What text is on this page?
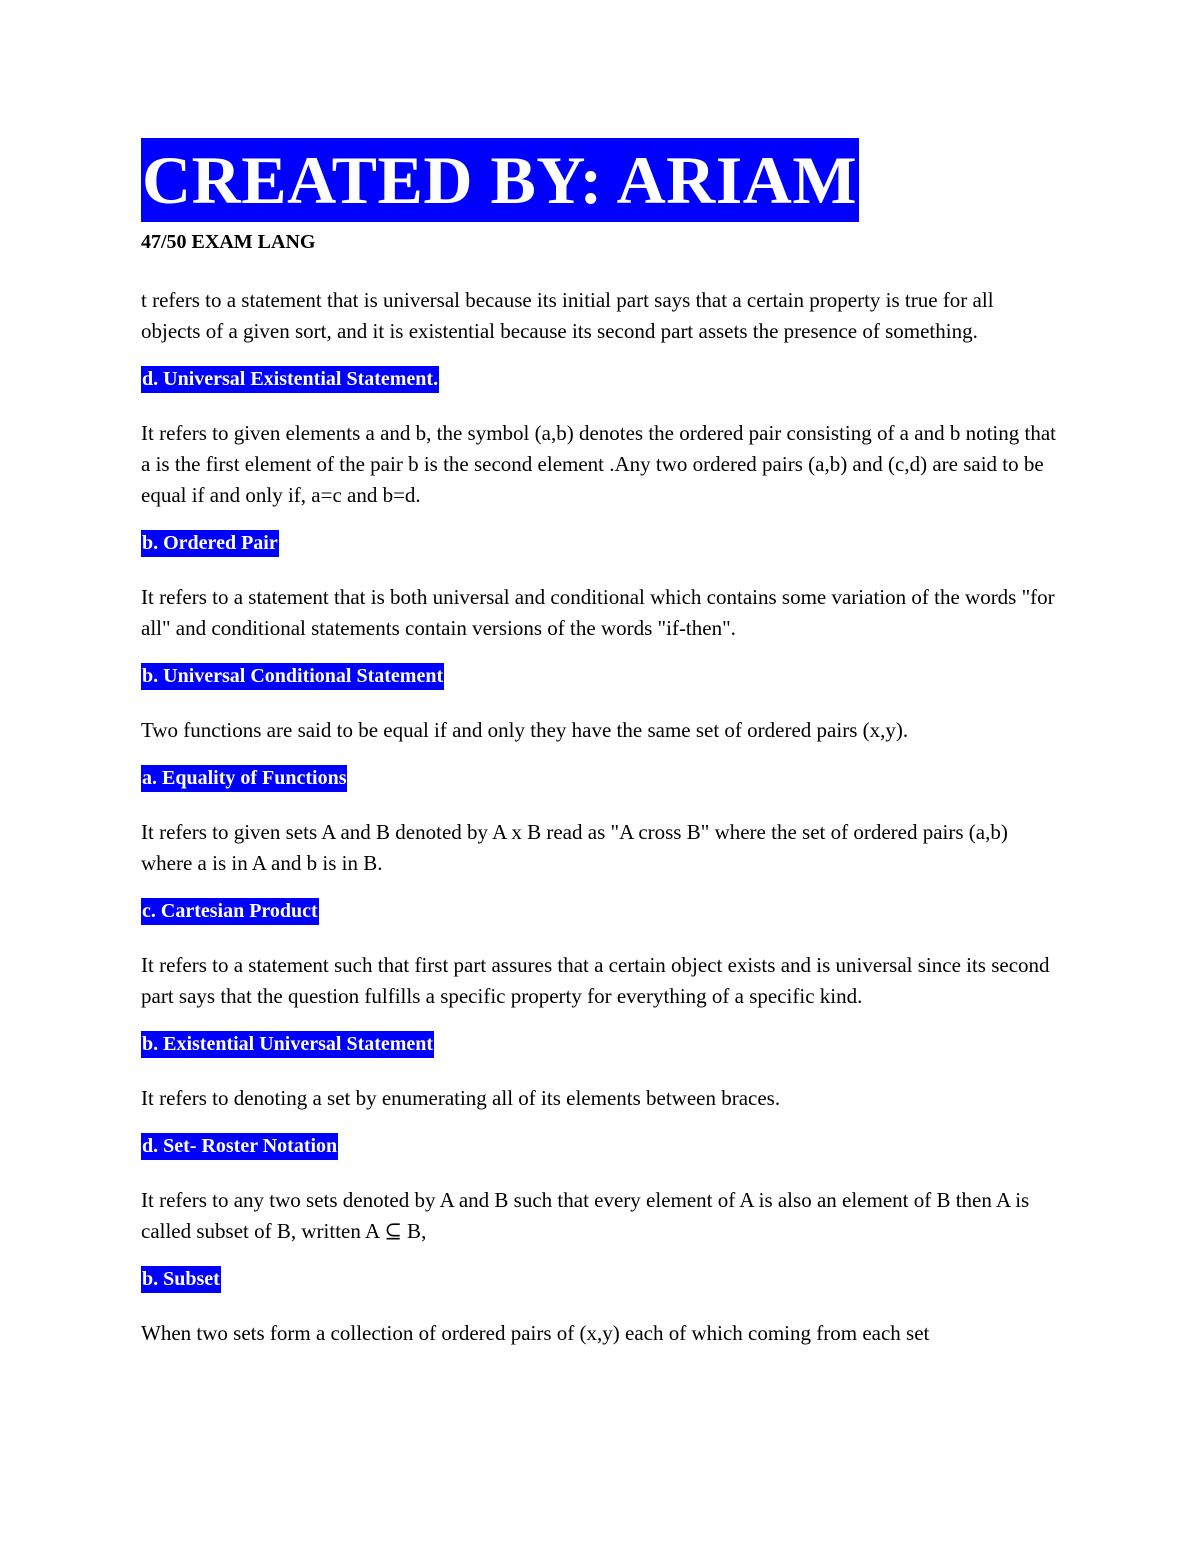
CREATED BY: ARIAM

47/50 EXAM LANG

t refers to a statement that is universal because its initial part says that a certain property is true for all objects of a given sort, and it is existential because its second part assets the presence of something.

d. Universal Existential Statement.

It refers to given elements a and b, the symbol (a,b) denotes the ordered pair consisting of a and b noting that a is the first element of the pair b is the second element .Any two ordered pairs (a,b) and (c,d) are said to be equal if and only if, a=c and b=d.

b. Ordered Pair

It refers to a statement that is both universal and conditional which contains some variation of the words "for all" and conditional statements contain versions of the words "if-then".

b. Universal Conditional Statement

Two functions are said to be equal if and only they have the same set of ordered pairs (x,y).

a. Equality of Functions

It refers to given sets A and B denoted by A x B read as "A cross B" where the set of ordered pairs (a,b) where a is in A and b is in B.

c. Cartesian Product

It refers to a statement such that first part assures that a certain object exists and is universal since its second part says that the question fulfills a specific property for everything of a specific kind.

b. Existential Universal Statement

It refers to denoting a set by enumerating all of its elements between braces.

d. Set- Roster Notation

It refers to any two sets denoted by A and B such that every element of A is also an element of B then A is called subset of B, written A ⊆ B,

b. Subset

When two sets form a collection of ordered pairs of (x,y) each of which coming from each set
